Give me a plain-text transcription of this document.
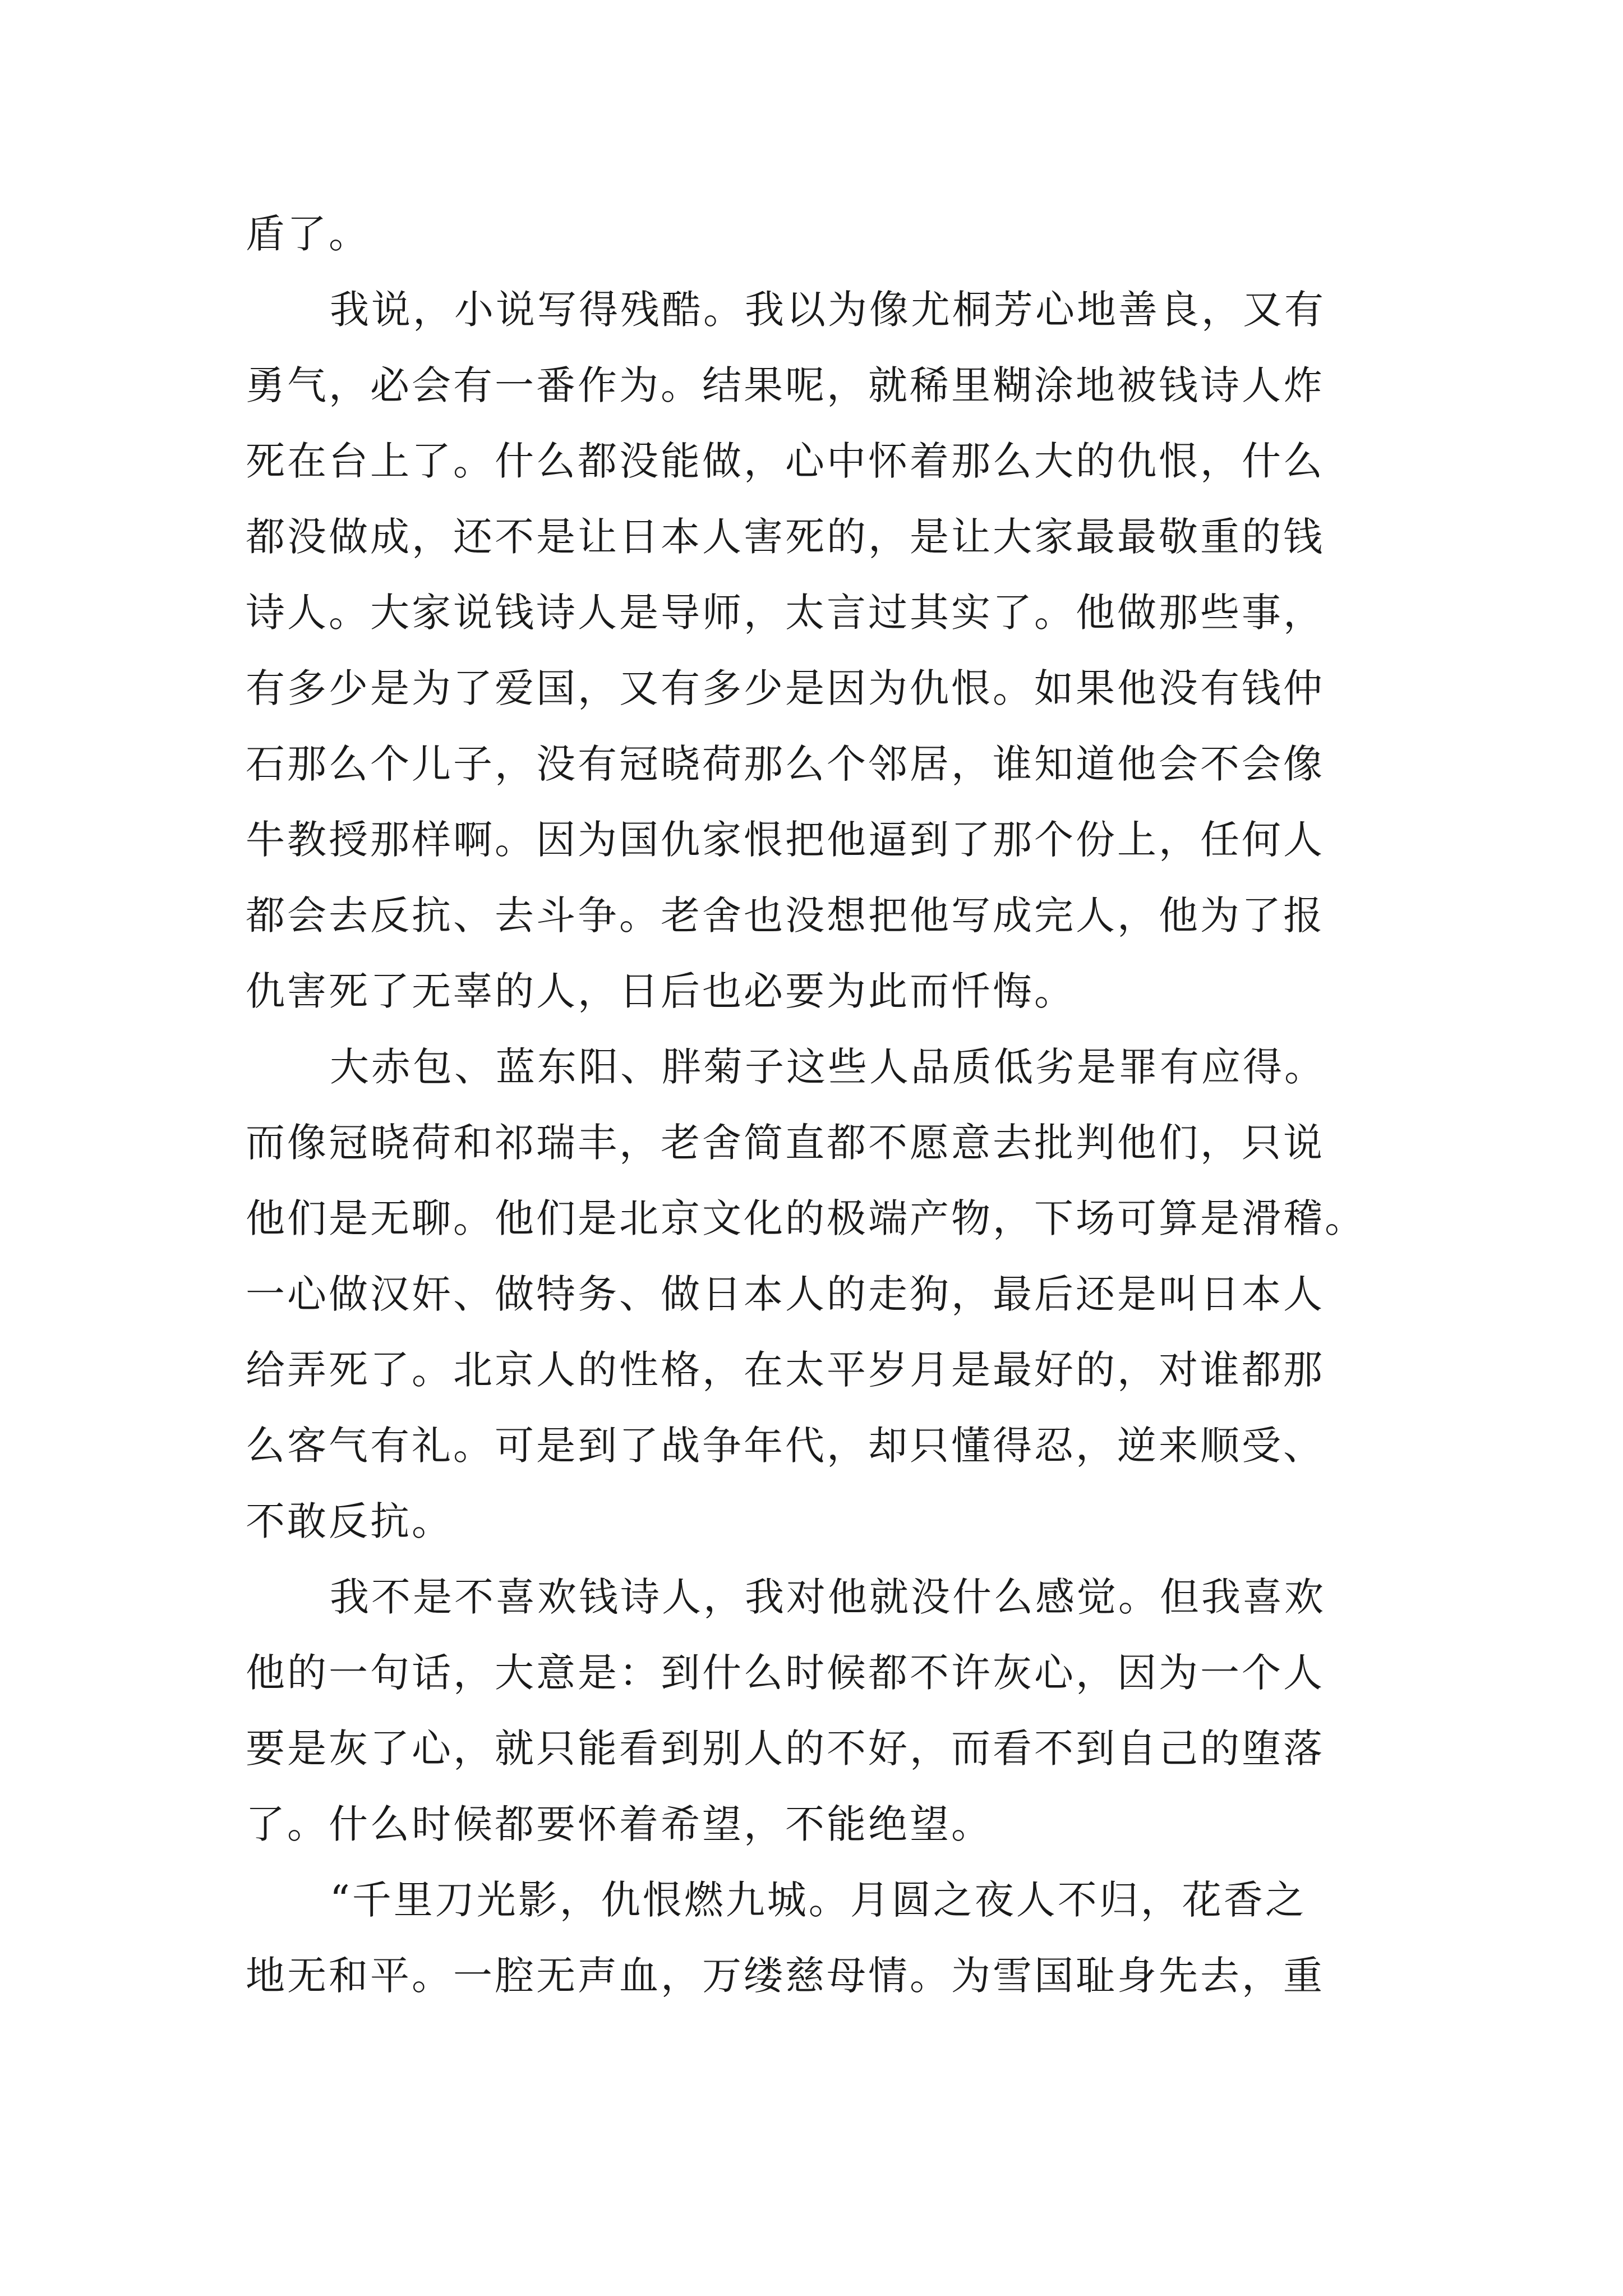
盾了。
我说，小说写得残酷。我以为像尤桐芳心地善良，又有
勇气，必会有一番作为。结果呢，就稀里糊涂地被钱诗人炸
死在台上了。什么都没能做，心中怀着那么大的仇恨，什么
都没做成，还不是让日本人害死的，是让大家最最敬重的钱
诗人。大家说钱诗人是导师，太言过其实了。他做那些事，
有多少是为了爱国，又有多少是因为仇恨。如果他没有钱仲
石那么个儿子，没有冠晓荷那么个邻居，谁知道他会不会像
牛教授那样啊。因为国仇家恨把他逼到了那个份上，任何人
都会去反抗、去斗争。老舍也没想把他写成完人，他为了报
仇害死了无辜的人，日后也必要为此而忏悔。
大赤包、蓝东阳、胖菊子这些人品质低劣是罪有应得。
而像冠晓荷和祁瑞丰，老舍简直都不愿意去批判他们，只说
他们是无聊。他们是北京文化的极端产物，下场可算是滑稽。
一心做汉奸、做特务、做日本人的走狗，最后还是叫日本人
给弄死了。北京人的性格，在太平岁月是最好的，对谁都那
么客气有礼。可是到了战争年代，却只懂得忍，逆来顺受、
不敢反抗。
我不是不喜欢钱诗人，我对他就没什么感觉。但我喜欢
他的一句话，大意是：到什么时候都不许灰心，因为一个人
要是灰了心，就只能看到别人的不好，而看不到自己的堕落
了。什么时候都要怀着希望，不能绝望。
“千里刀光影，仇恨燃九城。月圆之夜人不归，花香之
地无和平。一腔无声血，万缕慈母情。为雪国耻身先去，重
